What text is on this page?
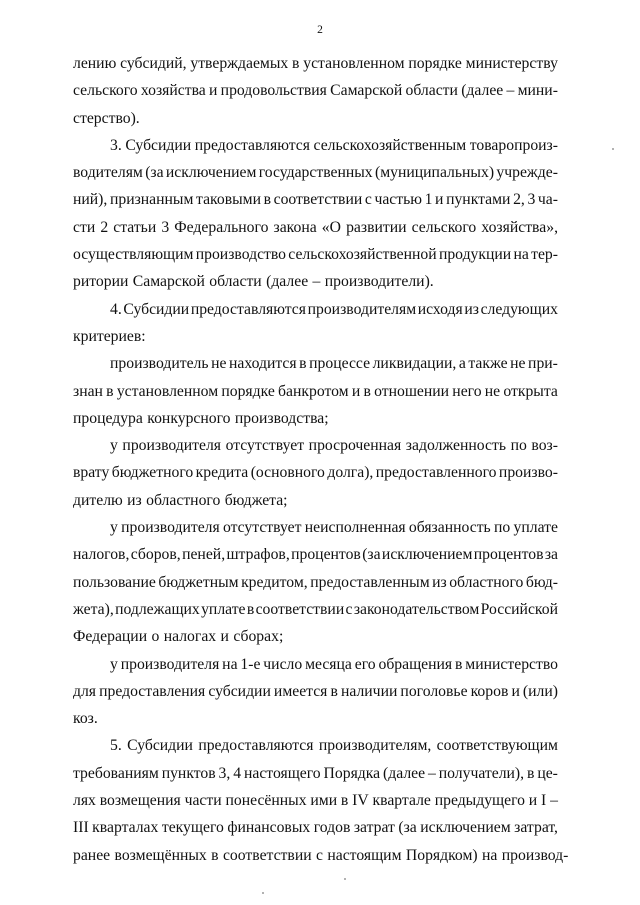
2
лению субсидий, утверждаемых в установленном порядке министерству
сельского хозяйства и продовольствия Самарской области (далее – мини-
стерство).
3. Субсидии предоставляются сельскохозяйственным товаропроиз-
водителям (за исключением государственных (муниципальных) учрежде-
ний), признанным таковыми в соответствии с частью 1 и пунктами 2, 3 ча-
сти 2 статьи 3 Федерального закона «О развитии сельского хозяйства»,
осуществляющим производство сельскохозяйственной продукции на тер-
ритории Самарской области (далее – производители).
4. Субсидии предоставляются производителям исходя из следующих
критериев:
производитель не находится в процессе ликвидации, а также не при-
знан в установленном порядке банкротом и в отношении него не открыта
процедура конкурсного производства;
у производителя отсутствует просроченная задолженность по воз-
врату бюджетного кредита (основного долга), предоставленного произво-
дителю из областного бюджета;
у производителя отсутствует неисполненная обязанность по уплате
налогов, сборов, пеней, штрафов, процентов (за исключением процентов за
пользование бюджетным кредитом, предоставленным из областного бюд-
жета), подлежащих уплате в соответствии с законодательством Российской
Федерации о налогах и сборах;
у производителя на 1-е число месяца его обращения в министерство
для предоставления субсидии имеется в наличии поголовье коров и (или)
коз.
5. Субсидии предоставляются производителям, соответствующим
требованиям пунктов 3, 4 настоящего Порядка (далее – получатели), в це-
лях возмещения части понесённых ими в IV квартале предыдущего и I –
III кварталах текущего финансовых годов затрат (за исключением затрат,
ранее возмещённых в соответствии с настоящим Порядком) на производ-
